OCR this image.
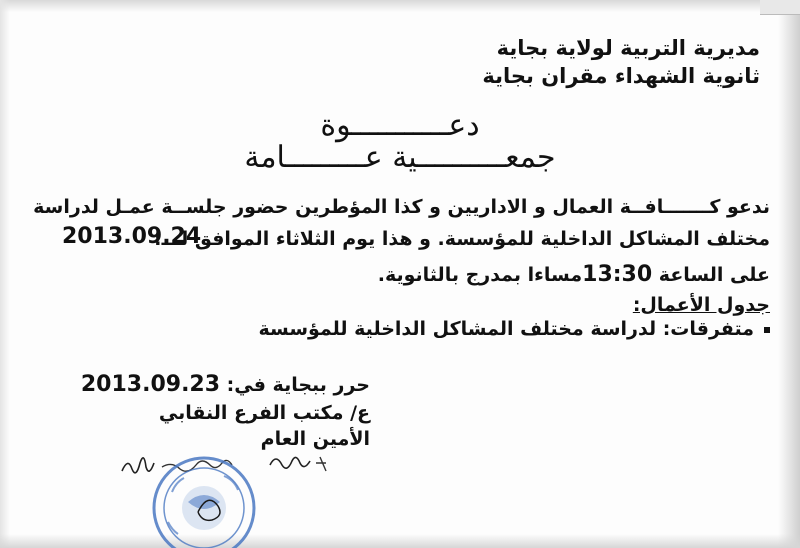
مديرية التربية لولاية بجاية
ثانوية الشهداء مقران بجاية
دعـــــــــــوة
جمعــــــــــية عـــــــــامة
ندعو كـــــــافــة العمال و الاداريين و كذا المؤطرين حضور جلســة عمـل لدراسة
مختلف المشاكل الداخلية للمؤسسة. و هذا يوم الثلاثاء الموافق لـــ:
2013.09.24
على الساعة 13:30مساءا بمدرج بالثانوية.
جدول الأعمال:
متفرقات: لدراسة مختلف المشاكل الداخلية للمؤسسة
حرر ببجاية في: 2013.09.23
ع/ مكتب الفرع النقابي
الأمين العام
